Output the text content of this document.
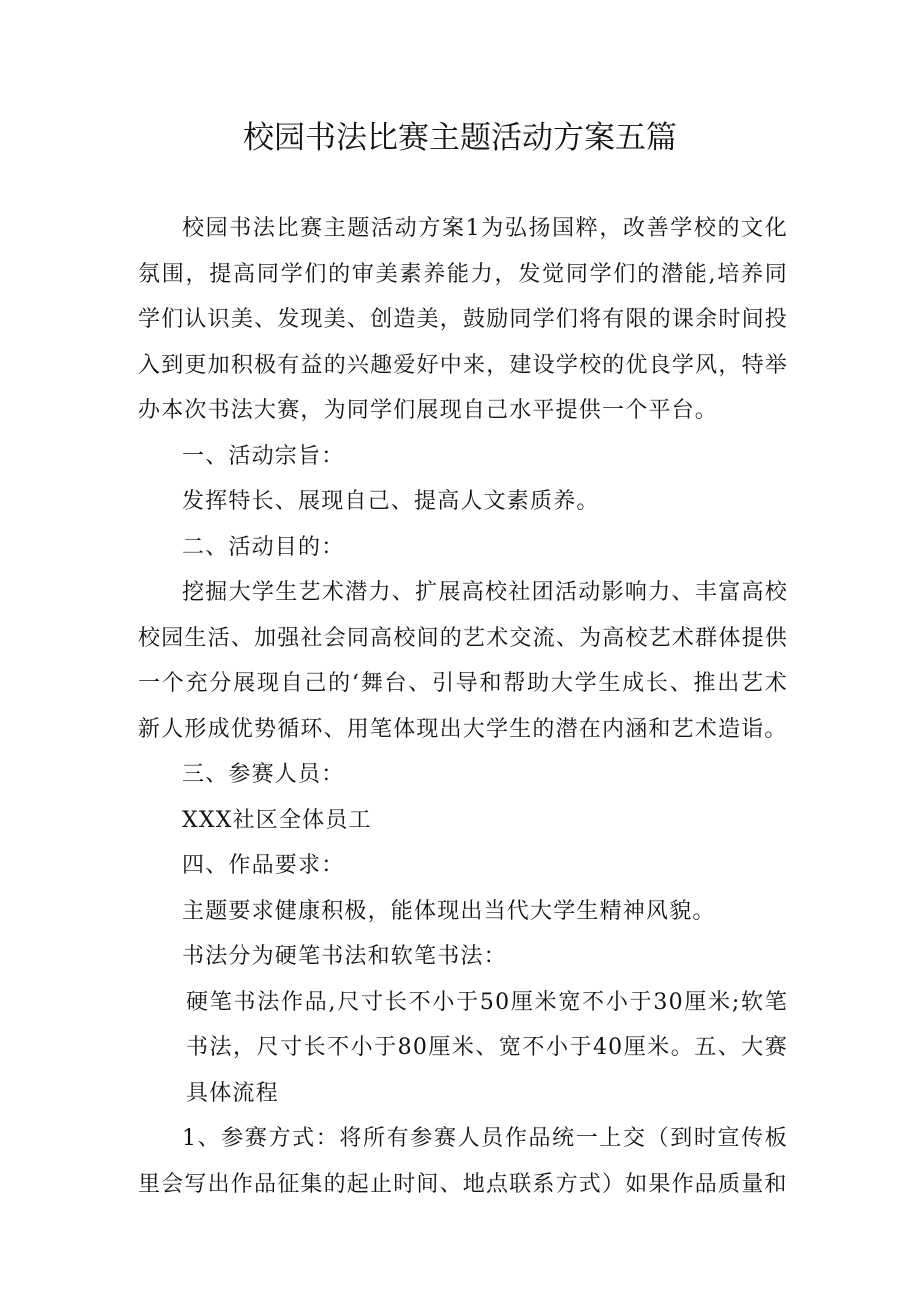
校园书法比赛主题活动方案五篇

校园书法比赛主题活动方案1为弘扬国粹，改善学校的文化氛围，提高同学们的审美素养能力，发觉同学们的潜能,培养同学们认识美、发现美、创造美，鼓励同学们将有限的课余时间投入到更加积极有益的兴趣爱好中来，建设学校的优良学风，特举办本次书法大赛，为同学们展现自己水平提供一个平台。

一、活动宗旨：

发挥特长、展现自己、提高人文素质养。

二、活动目的：

挖掘大学生艺术潜力、扩展高校社团活动影响力、丰富高校校园生活、加强社会同高校间的艺术交流、为高校艺术群体提供一个充分展现自己的‘舞台、引导和帮助大学生成长、推出艺术新人形成优势循环、用笔体现出大学生的潜在内涵和艺术造诣。

三、参赛人员：

XXX社区全体员工

四、作品要求：

主题要求健康积极，能体现出当代大学生精神风貌。

书法分为硬笔书法和软笔书法：

硬笔书法作品,尺寸长不小于50厘米宽不小于30厘米;软笔书法，尺寸长不小于80厘米、宽不小于40厘米。五、大赛具体流程

1、参赛方式：将所有参赛人员作品统一上交（到时宣传板里会写出作品征集的起止时间、地点联系方式）如果作品质量和
